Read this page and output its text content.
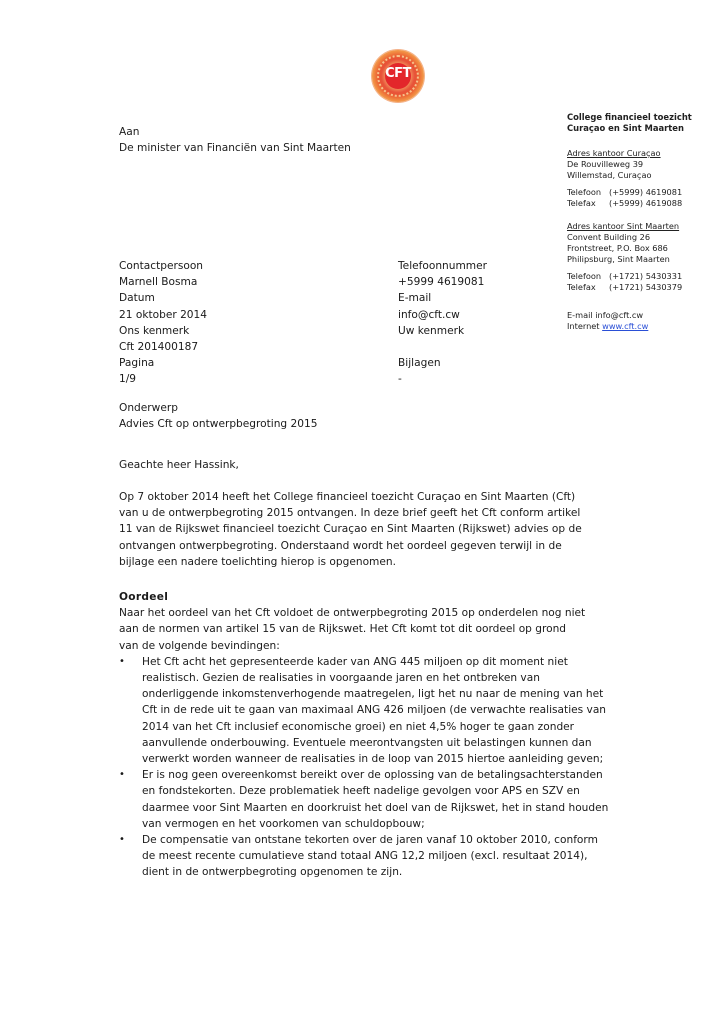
CFT
College financieel toezicht
Curaçao en Sint Maarten
Adres kantoor Curaçao
De Rouvilleweg 39
Willemstad, Curaçao
Telefoon (+5999) 4619081
Telefax	(+5999) 4619088
Adres kantoor Sint Maarten
Convent Building 26
Frontstreet, P.O. Box 686
Philipsburg, Sint Maarten
Telefoon (+1721) 5430331
Telefax	(+1721) 5430379
E-mail info@cft.cw
Internet www.cft.cw
Aan
De minister van Financiën van Sint Maarten
Contactpersoon
Marnell Bosma
Datum
21 oktober 2014
Ons kenmerk
Cft 201400187
Pagina
1/9
Telefoonnummer
+5999 4619081
E-mail
info@cft.cw
Uw kenmerk
Bijlagen
-
Onderwerp
Advies Cft op ontwerpbegroting 2015
Geachte heer Hassink,
Op 7 oktober 2014 heeft het College financieel toezicht Curaçao en Sint Maarten (Cft)
van u de ontwerpbegroting 2015 ontvangen. In deze brief geeft het Cft conform artikel
11 van de Rijkswet financieel toezicht Curaçao en Sint Maarten (Rijkswet) advies op de
ontvangen ontwerpbegroting. Onderstaand wordt het oordeel gegeven terwijl in de
bijlage een nadere toelichting hierop is opgenomen.
Oordeel

Naar het oordeel van het Cft voldoet de ontwerpbegroting 2015 op onderdelen nog niet
aan de normen van artikel 15 van de Rijkswet. Het Cft komt tot dit oordeel op grond
van de volgende bevindingen:

• Het Cft acht het gepresenteerde kader van ANG 445 miljoen op dit moment niet
realistisch. Gezien de realisaties in voorgaande jaren en het ontbreken van
onderliggende inkomstenverhogende maatregelen, ligt het nu naar de mening van het
Cft in de rede uit te gaan van maximaal ANG 426 miljoen (de verwachte realisaties van
2014 van het Cft inclusief economische groei) en niet 4,5% hoger te gaan zonder
aanvullende onderbouwing. Eventuele meerontvangsten uit belastingen kunnen dan
verwerkt worden wanneer de realisaties in de loop van 2015 hiertoe aanleiding geven;
• Er is nog geen overeenkomst bereikt over de oplossing van de betalingsachterstanden
en fondstekorten. Deze problematiek heeft nadelige gevolgen voor APS en SZV en
daarmee voor Sint Maarten en doorkruist het doel van de Rijkswet, het in stand houden
van vermogen en het voorkomen van schuldopbouw;
• De compensatie van ontstane tekorten over de jaren vanaf 10 oktober 2010, conform
de meest recente cumulatieve stand totaal ANG 12,2 miljoen (excl. resultaat 2014),
dient in de ontwerpbegroting opgenomen te zijn.
